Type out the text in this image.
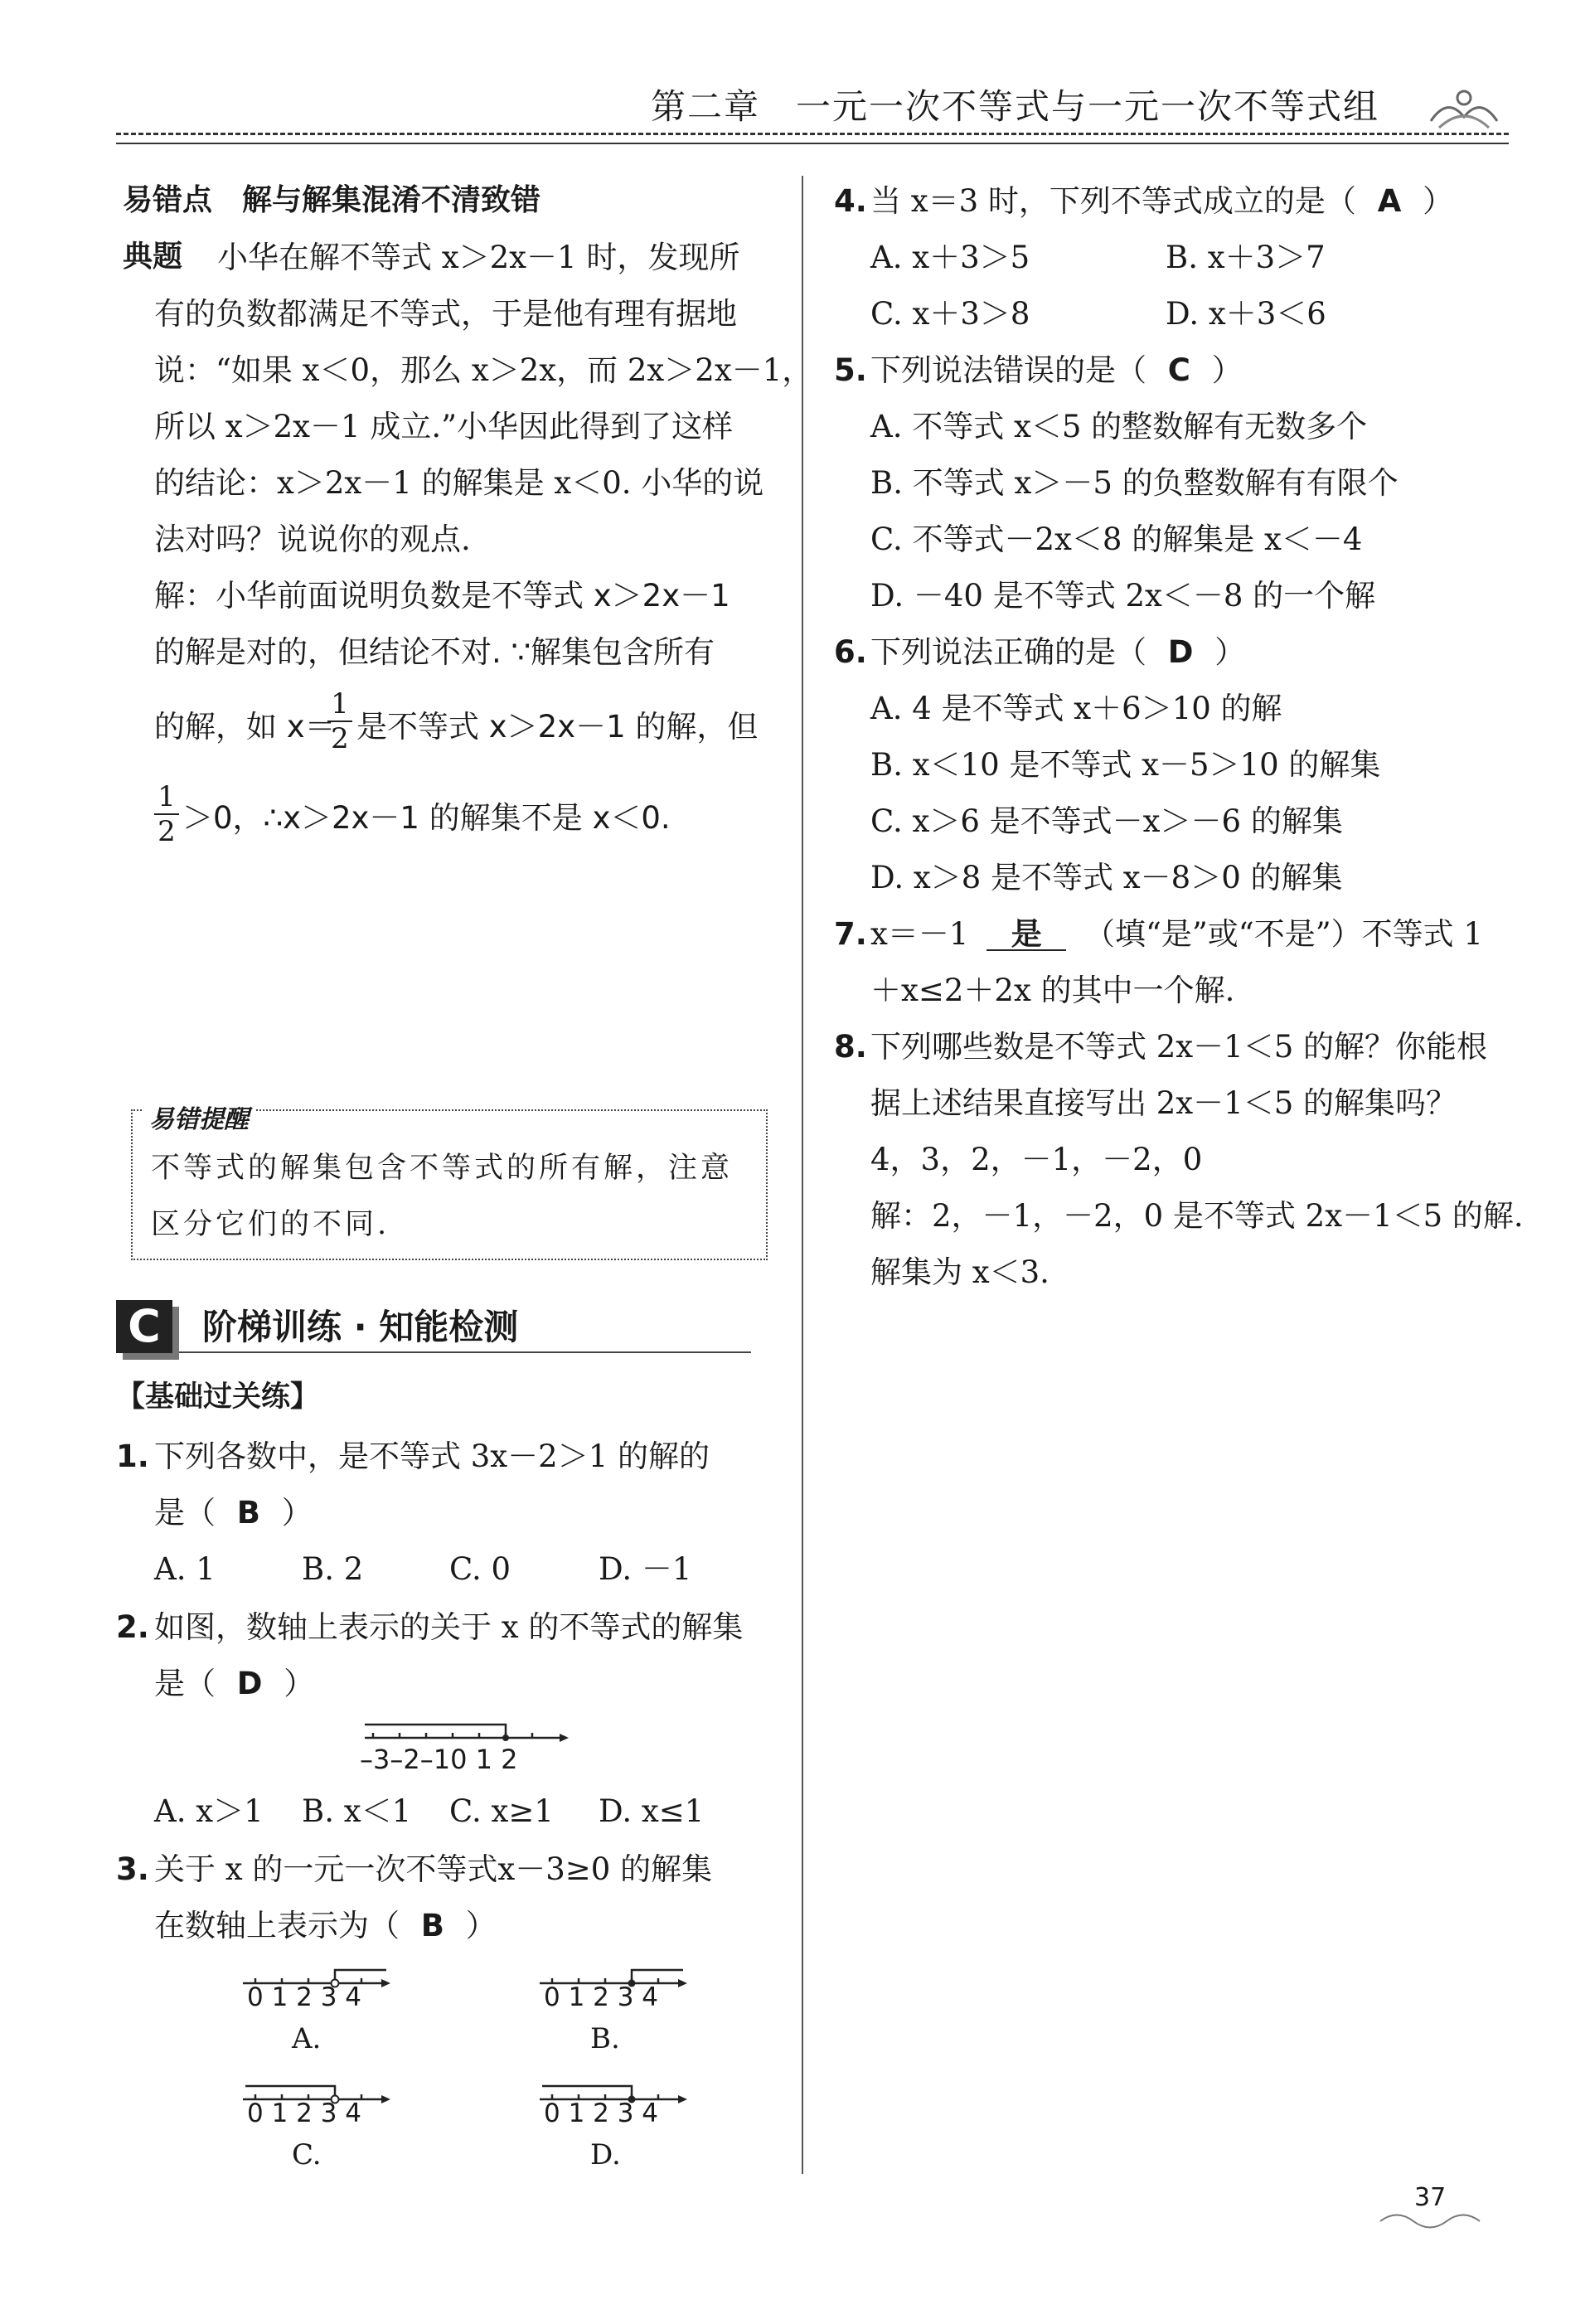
第二章 一元一次不等式与一元一次不等式组
易错点　解与解集混淆不清致错
典题 小华在解不等式 x＞2x－1 时，发现所
有的负数都满足不等式，于是他有理有据地
说：“如果 x＜0，那么 x＞2x，而 2x＞2x－1，
所以 x＞2x－1 成立.”小华因此得到了这样
的结论：x＞2x－1 的解集是 x＜0. 小华的说
法对吗？说说你的观点.
解：小华前面说明负数是不等式 x＞2x－1
的解是对的，但结论不对. ∵解集包含所有
的解，如 x＝
1
2 是不等式 x＞2x－1 的解，但
1
2 ＞0，∴x＞2x－1 的解集不是 x＜0.
易错提醒
不等式的解集包含不等式的所有解，注意
区分它们的不同.
C	阶梯训练 · 知能检测
【基础过关练】
1. 下列各数中，是不等式 3x－2＞1 的解的
是（ B ）
A. 1	B. 2	C. 0	D. －1
2. 如图，数轴上表示的关于 x 的不等式的解集
是（ D ）
–3–2–10 1 2
A. x＞1 B. x＜1 C. x≥1 D. x≤1
3. 关于 x 的一元一次不等式x－3≥0 的解集
在数轴上表示为（ B ）
0 1 2 3 4
A.
0 1 2 3 4
B.
0 1 2 3 4
C.
0 1 2 3 4
D.
4. 当 x＝3 时，下列不等式成立的是（ A ）
A. x＋3＞5	B. x＋3＞7
C. x＋3＞8	D. x＋3＜6
5. 下列说法错误的是（ C ）
A. 不等式 x＜5 的整数解有无数多个
B. 不等式 x＞－5 的负整数解有有限个
C. 不等式－2x＜8 的解集是 x＜－4
D. －40 是不等式 2x＜－8 的一个解
6. 下列说法正确的是（ D ）
A. 4 是不等式 x＋6＞10 的解
B. x＜10 是不等式 x－5＞10 的解集
C. x＞6 是不等式－x＞－6 的解集
D. x＞8 是不等式 x－8＞0 的解集
7. x＝－1 是 （填“是”或“不是”）不等式 1
＋x≤2＋2x 的其中一个解.
8. 下列哪些数是不等式 2x－1＜5 的解？你能根
据上述结果直接写出 2x－1＜5 的解集吗？
4，3，2，－1，－2，0
解：2，－1，－2，0 是不等式 2x－1＜5 的解.
解集为 x＜3.
37
